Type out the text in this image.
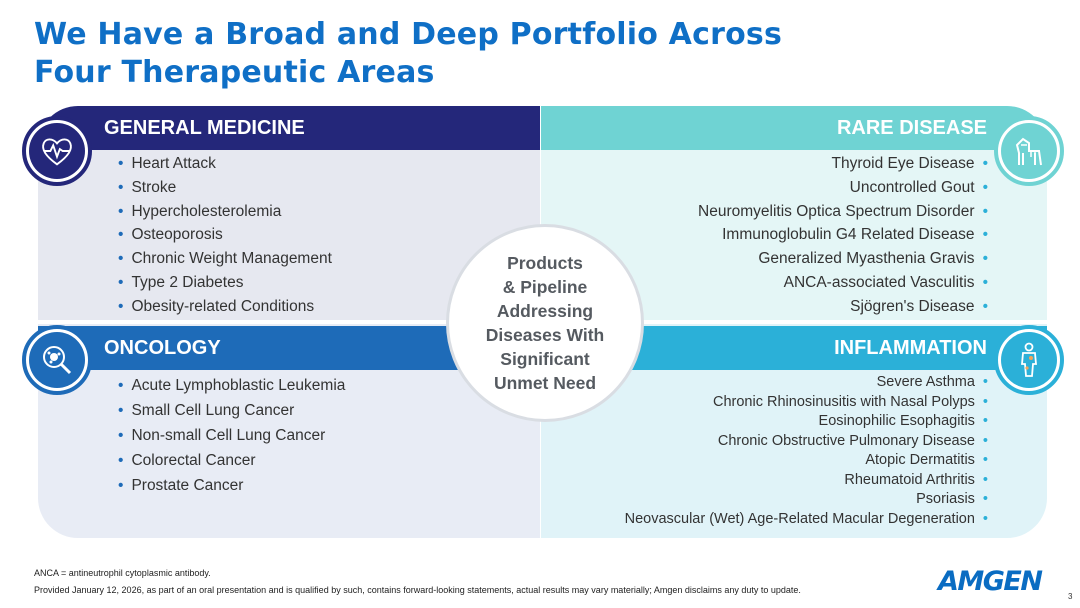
We Have a Broad and Deep Portfolio Across
Four Therapeutic Areas
GENERAL MEDICINE	RARE DISEASE
ONCOLOGY	INFLAMMATION
• Heart Attack
• Stroke
• Hypercholesterolemia
• Osteoporosis
• Chronic Weight Management
• Type 2 Diabetes
• Obesity-related Conditions
Thyroid Eye Disease •
Uncontrolled Gout •
Neuromyelitis Optica Spectrum Disorder •
Immunoglobulin G4 Related Disease •
Generalized Myasthenia Gravis •
ANCA-associated Vasculitis •
Sjögren's Disease •
• Acute Lymphoblastic Leukemia
• Small Cell Lung Cancer
• Non-small Cell Lung Cancer
• Colorectal Cancer
• Prostate Cancer
Severe Asthma •
Chronic Rhinosinusitis with Nasal Polyps •
Eosinophilic Esophagitis •
Chronic Obstructive Pulmonary Disease •
Atopic Dermatitis •
Rheumatoid Arthritis •
Psoriasis •
Neovascular (Wet) Age-Related Macular Degeneration •
Products
& Pipeline
Addressing
Diseases With
Significant
Unmet Need
ANCA = antineutrophil cytoplasmic antibody.
Provided January 12, 2026, as part of an oral presentation and is qualified by such, contains forward-looking statements, actual results may vary materially; Amgen disclaims any duty to update.	AMGEN	3
